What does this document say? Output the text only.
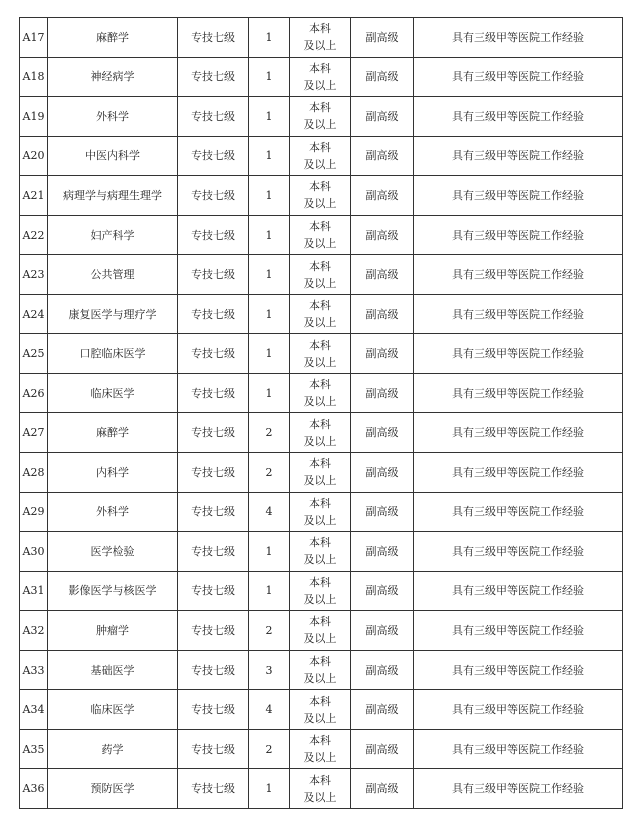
A17	麻醉学	专技七级	1	本科
及以上	副高级	具有三级甲等医院工作经验
A18	神经病学	专技七级	1	本科
及以上	副高级	具有三级甲等医院工作经验
A19	外科学	专技七级	1	本科
及以上	副高级	具有三级甲等医院工作经验
A20	中医内科学	专技七级	1	本科
及以上	副高级	具有三级甲等医院工作经验
A21	病理学与病理生理学	专技七级	1	本科
及以上	副高级	具有三级甲等医院工作经验
A22	妇产科学	专技七级	1	本科
及以上	副高级	具有三级甲等医院工作经验
A23	公共管理	专技七级	1	本科
及以上	副高级	具有三级甲等医院工作经验
A24	康复医学与理疗学	专技七级	1	本科
及以上	副高级	具有三级甲等医院工作经验
A25	口腔临床医学	专技七级	1	本科
及以上	副高级	具有三级甲等医院工作经验
A26	临床医学	专技七级	1	本科
及以上	副高级	具有三级甲等医院工作经验
A27	麻醉学	专技七级	2	本科
及以上	副高级	具有三级甲等医院工作经验
A28	内科学	专技七级	2	本科
及以上	副高级	具有三级甲等医院工作经验
A29	外科学	专技七级	4	本科
及以上	副高级	具有三级甲等医院工作经验
A30	医学检验	专技七级	1	本科
及以上	副高级	具有三级甲等医院工作经验
A31	影像医学与核医学	专技七级	1	本科
及以上	副高级	具有三级甲等医院工作经验
A32	肿瘤学	专技七级	2	本科
及以上	副高级	具有三级甲等医院工作经验
A33	基础医学	专技七级	3	本科
及以上	副高级	具有三级甲等医院工作经验
A34	临床医学	专技七级	4	本科
及以上	副高级	具有三级甲等医院工作经验
A35	药学	专技七级	2	本科
及以上	副高级	具有三级甲等医院工作经验
A36	预防医学	专技七级	1	本科
及以上	副高级	具有三级甲等医院工作经验
